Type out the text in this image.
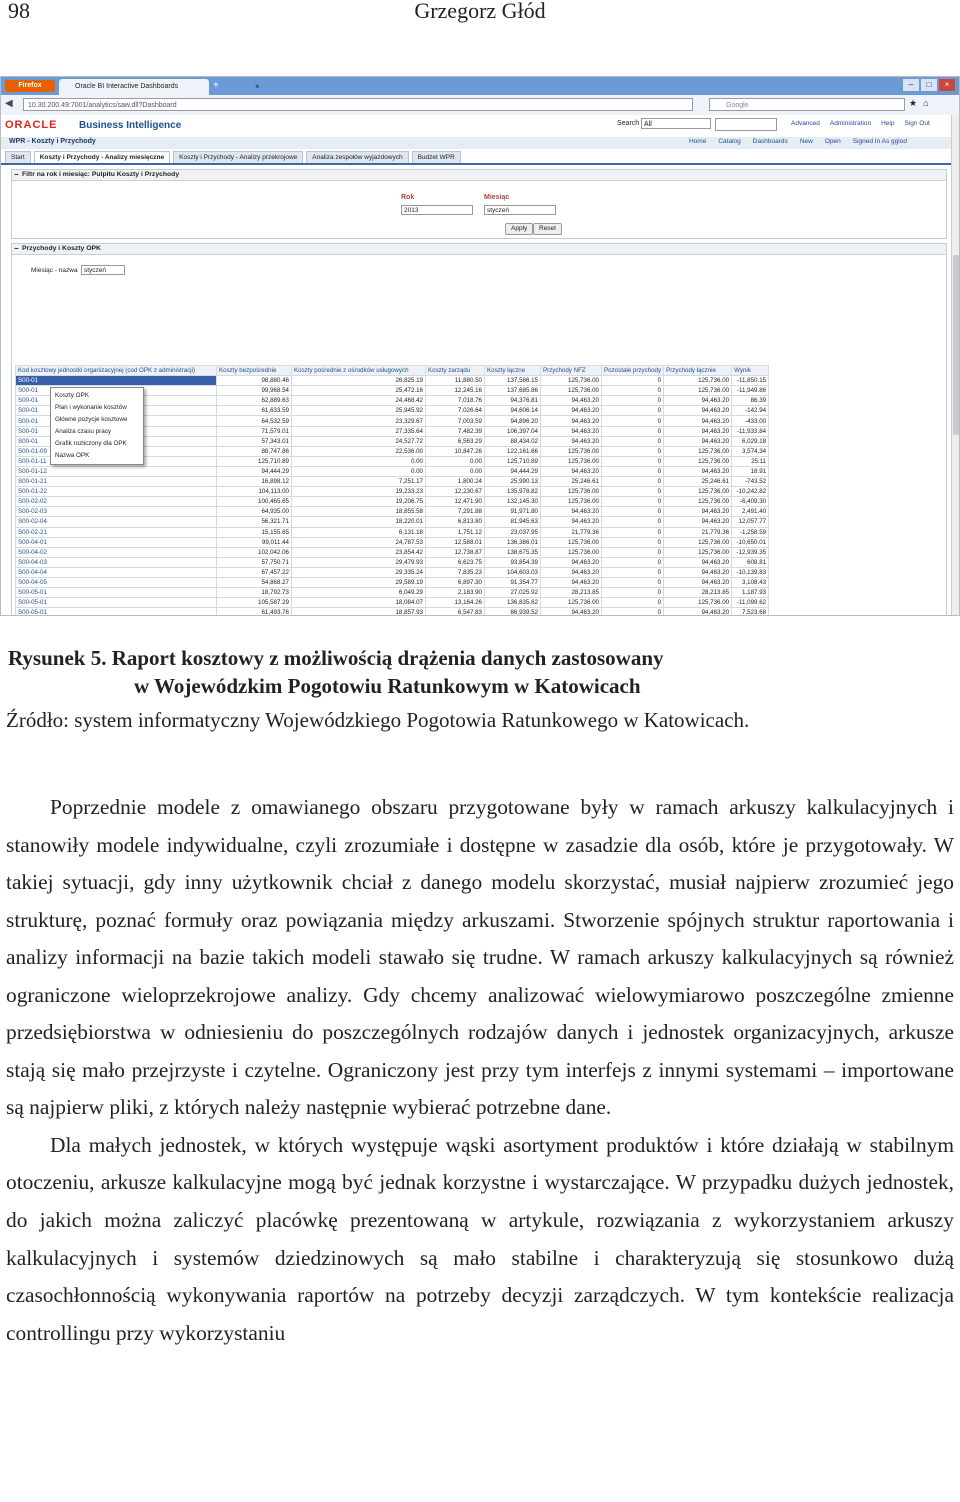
98	Grzegorz Głód
Firefox	Oracle BI Interactive Dashboards	×
+	–	□	×
◀	10.30.200.49:7001/analytics/saw.dll?Dashboard	Google	★ ⌂
ORACLE Business Intelligence	Search All	Advanced Administration Help Sign Out
WPR - Koszty i Przychody	Home Catalog Dashboards New Open Signed In As gglod
Start	Koszty i Przychody - Analizy miesięczne	Koszty i Przychody - Analizy przekrojowe	Analiza zespołów wyjazdowych	Budżet WPR
− Filtr na rok i miesiąc: Pulpitu Koszty i Przychody
Rok
2013
Miesiąc
styczeń
Apply	Reset
− Przychody i Koszty OPK
Miesiąc - nazwa styczeń
Kod kosztowy jednostki organizacyjnej (cod OPK z administracji)	Koszty bezpośrednie	Koszty pośrednie z ośrodków usługowych	Koszty zarządu	Koszty łączne	Przychody NFZ	Pozostałe przychody	Przychody łącznie	Wynik
S00-01	98,880.46	26,825.19	11,880.50	137,586.15	125,736.00	0	125,736.00	-11,850.15
S00-01	99,968.54	25,472.16	12,245.16	137,685.86	125,736.00	0	125,736.00	-11,949.86
S00-01	62,889.63	24,468.42	7,018.76	94,376.81	94,463.20	0	94,463.20	86.39
S00-01	61,633.59	25,945.92	7,026.64	94,606.14	94,463.20	0	94,463.20	-142.94
S00-01	64,532.59	23,329.67	7,003.59	94,896.20	94,463.20	0	94,463.20	-433.00
S00-01	71,579.01	27,335.64	7,482.39	106,397.04	94,463.20	0	94,463.20	-11,933.84
S00-01	57,343.01	24,527.72	6,563.29	88,434.02	94,463.20	0	94,463.20	6,029.18
S00-01-09	88,747.86	22,536.00	10,847.26	122,161.66	125,736.00	0	125,736.00	3,574.34
S00-01-11	125,710.89	0.00	0.00	125,710.89	125,736.00	0	125,736.00	25.11
S00-01-12	94,444.29	0.00	0.00	94,444.29	94,463.20	0	94,463.20	18.91
S00-01-21	16,898.12	7,251.17	1,800.24	25,990.13	25,246.61	0	25,246.61	-743.52
S00-01-22	104,113.00	19,233.23	12,230.67	135,978.82	125,736.00	0	125,736.00	-10,242.82
S00-02-02	100,465.65	19,206.75	12,471.90	132,145.30	125,736.00	0	125,736.00	-6,409.30
S00-02-03	64,935.00	18,855.58	7,291.88	91,971.80	94,463.20	0	94,463.20	2,491.40
S00-02-04	56,321.71	18,220.01	6,813.80	81,945.63	94,463.20	0	94,463.20	12,057.77
S00-02-21	15,155.65	6,131.18	1,751.12	23,037.95	21,779.36	0	21,779.36	-1,258.59
S00-04-01	99,011.44	24,787.53	12,588.01	136,386.01	125,736.00	0	125,736.00	-10,650.01
S00-04-02	102,042.06	23,854.42	12,738.87	138,675.35	125,736.00	0	125,736.00	-12,939.35
S00-04-03	57,750.71	29,479.93	6,623.75	93,854.39	94,463.20	0	94,463.20	608.81
S00-04-04	67,457.22	29,335.24	7,835.23	104,603.03	94,463.20	0	94,463.20	-10,139.83
S00-04-05	54,868.27	29,589.19	6,897.30	91,354.77	94,463.20	0	94,463.20	3,108.43
S00-05-01	18,792.73	6,049.29	2,183.90	27,025.92	28,213.85	0	28,213.85	1,187.93
S00-05-01	105,587.29	18,084.07	13,164.26	136,835.62	125,736.00	0	125,736.00	-11,099.62
S00-05-01	61,493.76	18,857.93	6,547.83	86,939.52	94,463.20	0	94,463.20	7,523.68

Koszty OPK
Plan i wykonanie kosztów
Główne pozycje kosztowe
Analiza czasu pracy
Grafik rozliczony dla OPK
Nazwa OPK
Rysunek 5. Raport kosztowy z możliwością drążenia danych zastosowany
w Wojewódzkim Pogotowiu Ratunkowym w Katowicach
Źródło: system informatyczny Wojewódzkiego Pogotowia Ratunkowego w Katowicach.

Poprzednie modele z omawianego obszaru przygotowane były w ramach arkuszy kalkulacyjnych i stanowiły modele indywidualne, czyli zrozumiałe i dostępne w zasadzie dla osób, które je przygotowały. W takiej sytuacji, gdy inny użytkownik chciał z danego modelu skorzystać, musiał najpierw zrozumieć jego strukturę, poznać formuły oraz powiązania między arkuszami. Stworzenie spójnych struktur raportowania i analizy informacji na bazie takich modeli stawało się trudne. W ramach arkuszy kalkulacyjnych są również ograniczone wieloprzekrojowe analizy. Gdy chcemy analizować wielowymiarowo poszczególne zmienne przedsiębiorstwa w odniesieniu do poszczególnych rodzajów danych i jednostek organizacyjnych, arkusze stają się mało przejrzyste i czytelne. Ograniczony jest przy tym interfejs z innymi systemami – importowane są najpierw pliki, z których należy następnie wybierać potrzebne dane.

Dla małych jednostek, w których występuje wąski asortyment produktów i które działają w stabilnym otoczeniu, arkusze kalkulacyjne mogą być jednak korzystne i wystarczające. W przypadku dużych jednostek, do jakich można zaliczyć placówkę prezentowaną w artykule, rozwiązania z wykorzystaniem arkuszy kalkulacyjnych i systemów dziedzinowych są mało stabilne i charakteryzują się stosunkowo dużą czasochłonnością wykonywania raportów na potrzeby decyzji zarządczych. W tym kontekście realizacja controllingu przy wykorzystaniu
